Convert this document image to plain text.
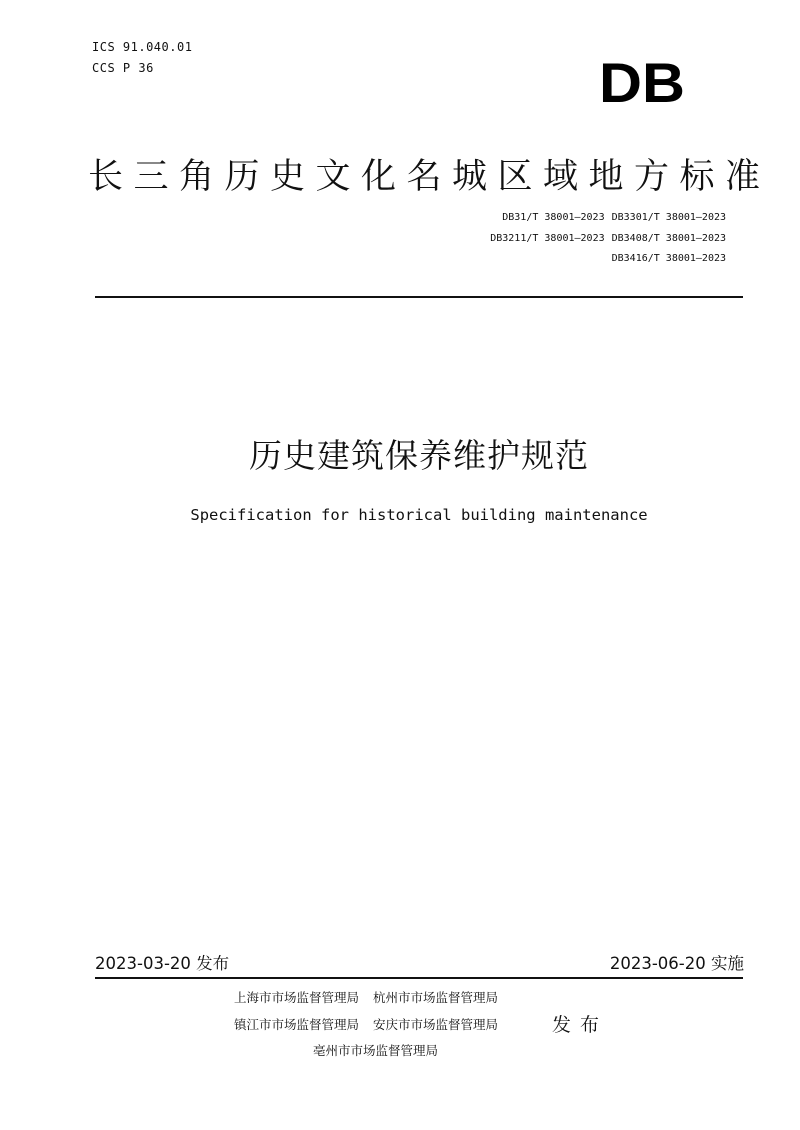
ICS 91.040.01
CCS P 36	DB
长三角历史文化名城区域地方标准
DB31/T 38001—2023 DB3301/T 38001—2023
DB3211/T 38001—2023 DB3408/T 38001—2023
DB3416/T 38001—2023
历史建筑保养维护规范
Specification for historical building maintenance
2023-03-20 发布	2023-06-20 实施
上海市市场监督管理局 杭州市市场监督管理局
镇江市市场监督管理局 安庆市市场监督管理局
亳州市市场监督管理局
发布
